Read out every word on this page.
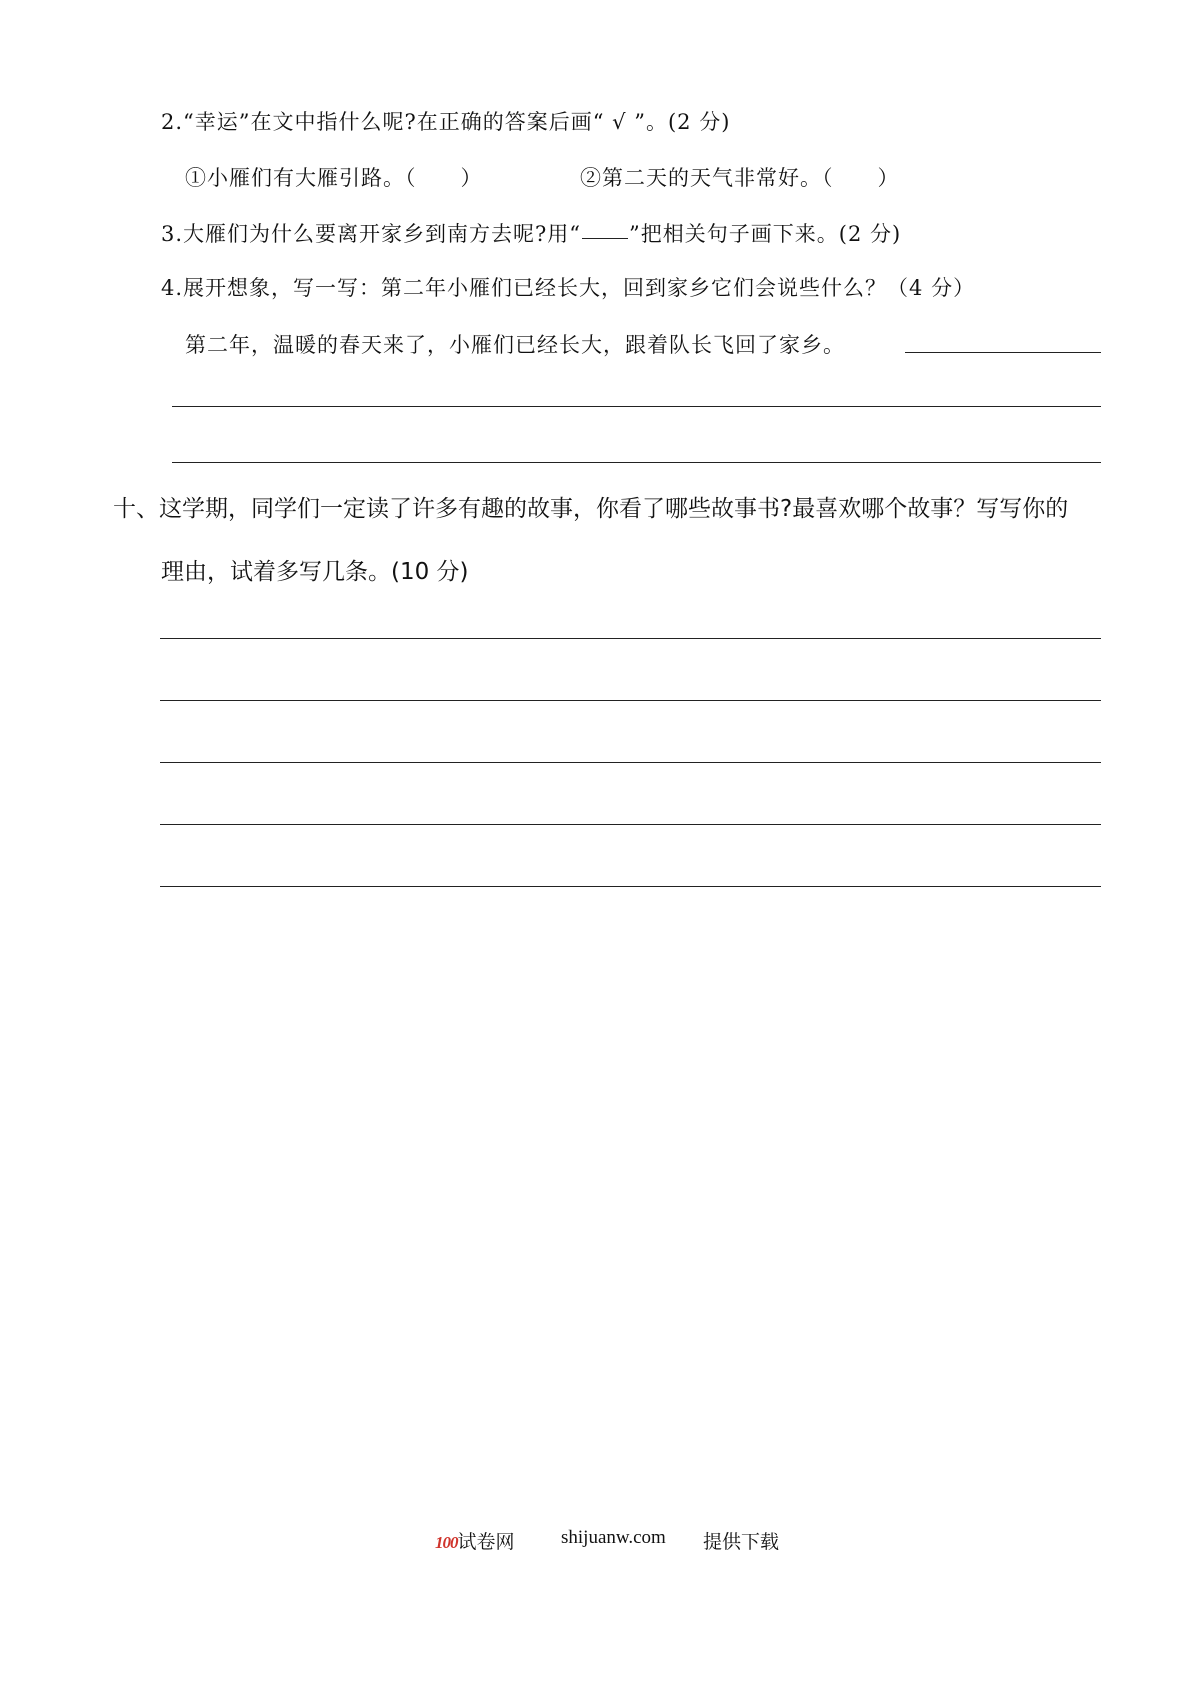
2.“幸运”在文中指什么呢?在正确的答案后画“ √ ”。(2 分)
①小雁们有大雁引路。（　　）	②第二天的天气非常好。（　　）
3.大雁们为什么要离开家乡到南方去呢?用“ ”把相关句子画下来。(2 分)
4.展开想象，写一写：第二年小雁们已经长大，回到家乡它们会说些什么？（4 分）
第二年，温暖的春天来了，小雁们已经长大，跟着队长飞回了家乡。
十、这学期，同学们一定读了许多有趣的故事，你看了哪些故事书?最喜欢哪个故事？写写你的
理由，试着多写几条。(10 分)
100试卷网 shijuanw.com 提供下载
